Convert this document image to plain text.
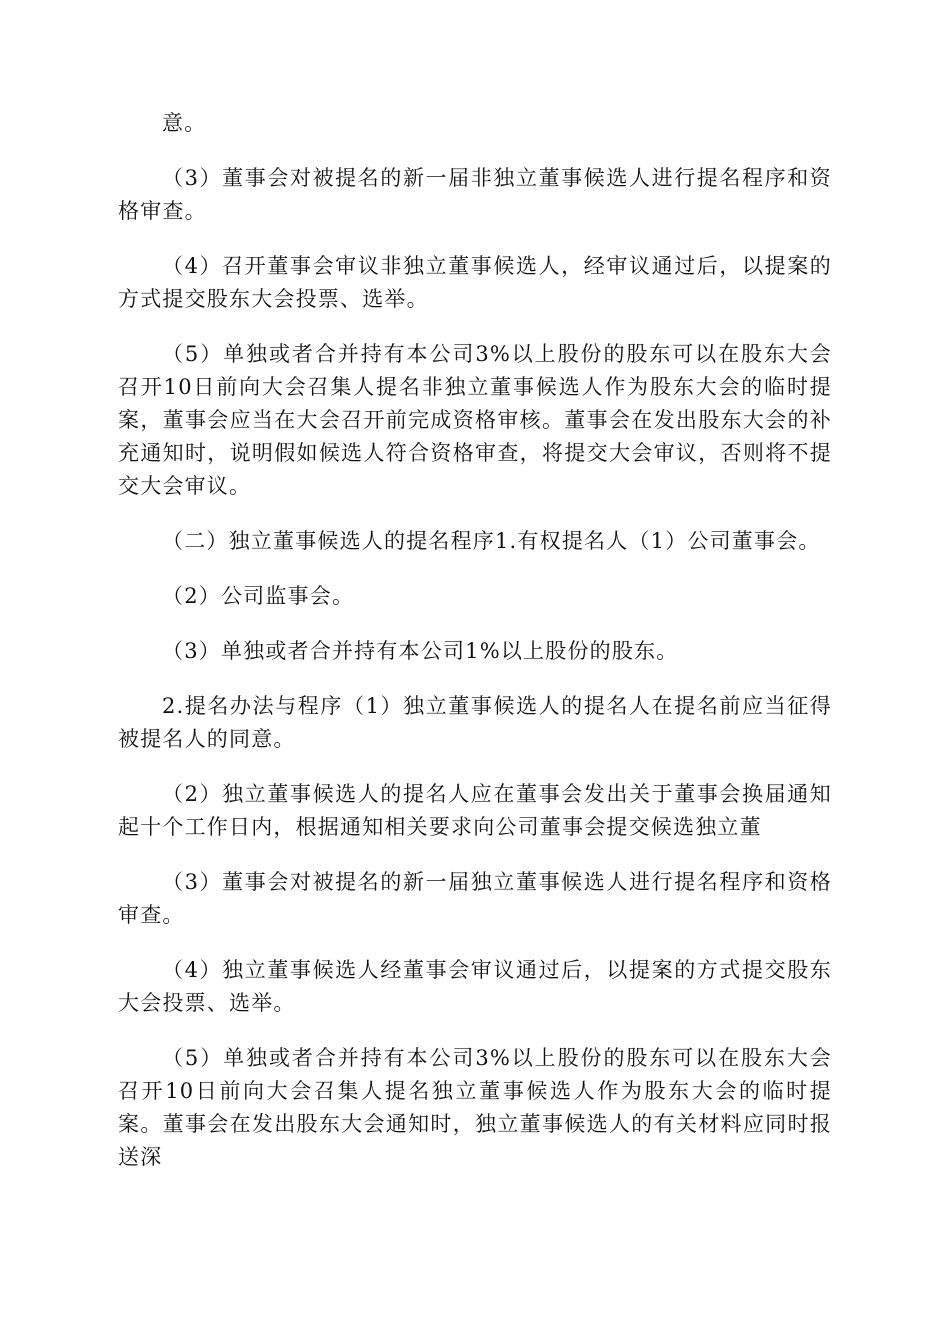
意。

（3）董事会对被提名的新一届非独立董事候选人进行提名程序和资格审查。

（4）召开董事会审议非独立董事候选人，经审议通过后，以提案的方式提交股东大会投票、选举。

（5）单独或者合并持有本公司3%以上股份的股东可以在股东大会召开10日前向大会召集人提名非独立董事候选人作为股东大会的临时提案，董事会应当在大会召开前完成资格审核。董事会在发出股东大会的补充通知时，说明假如候选人符合资格审查，将提交大会审议，否则将不提交大会审议。

（二）独立董事候选人的提名程序1.有权提名人（1）公司董事会。

（2）公司监事会。

（3）单独或者合并持有本公司1%以上股份的股东。

2.提名办法与程序（1）独立董事候选人的提名人在提名前应当征得被提名人的同意。

（2）独立董事候选人的提名人应在董事会发出关于董事会换届通知起十个工作日内，根据通知相关要求向公司董事会提交候选独立董

（3）董事会对被提名的新一届独立董事候选人进行提名程序和资格审查。

（4）独立董事候选人经董事会审议通过后，以提案的方式提交股东大会投票、选举。

（5）单独或者合并持有本公司3%以上股份的股东可以在股东大会召开10日前向大会召集人提名独立董事候选人作为股东大会的临时提案。董事会在发出股东大会通知时，独立董事候选人的有关材料应同时报送深
